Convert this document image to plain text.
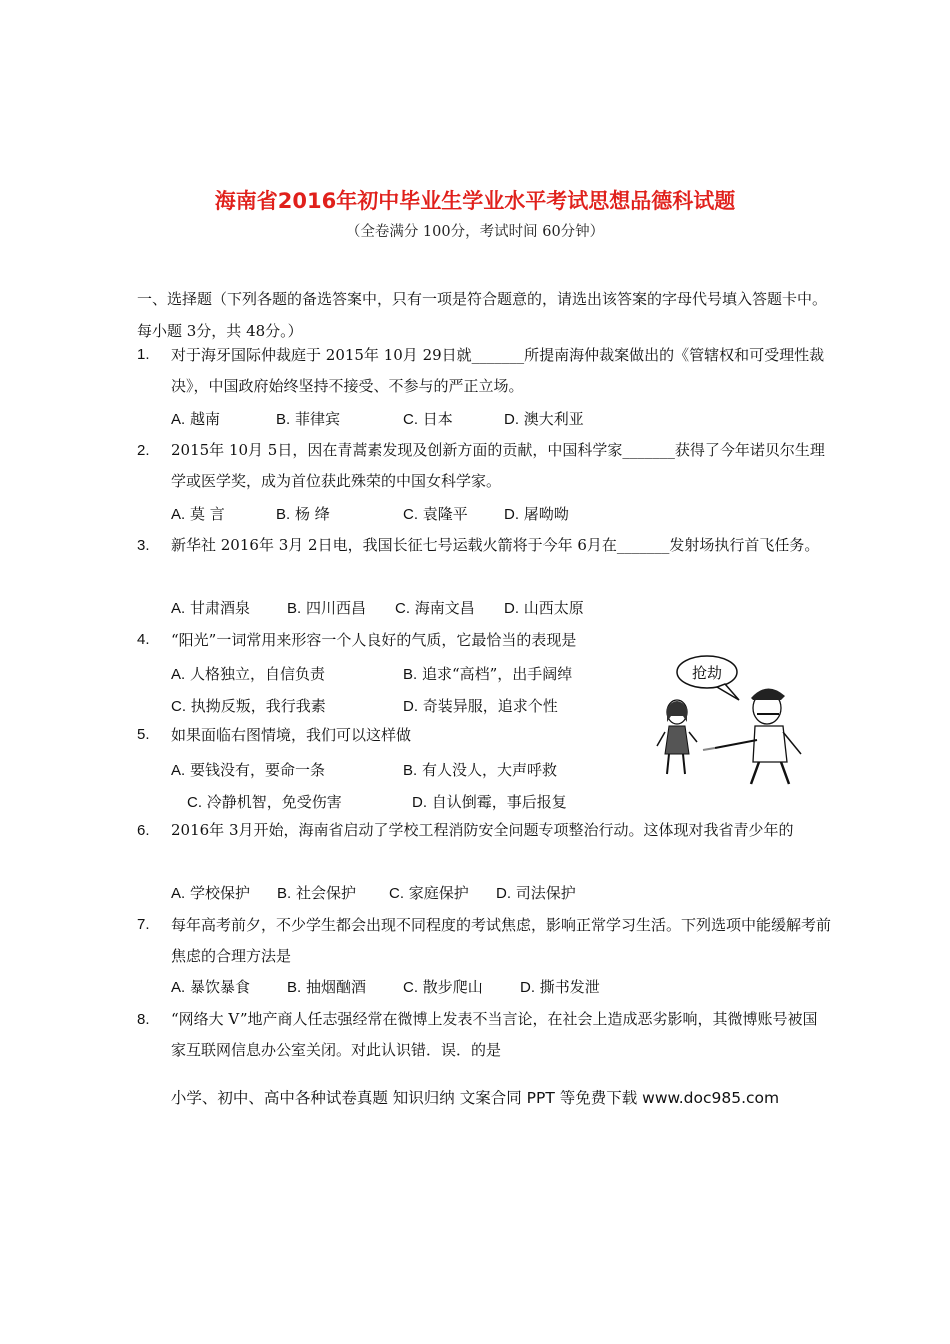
海南省2016年初中毕业生学业水平考试思想品德科试题
（全卷满分 100分，考试时间 60分钟）
一、选择题（下列各题的备选答案中，只有一项是符合题意的，请选出该答案的字母代号填入答题卡中。每小题 3分，共 48分。）
1. 对于海牙国际仲裁庭于 2015年 10月 29日就_______所提南海仲裁案做出的《管辖权和可受理性裁决》，中国政府始终坚持不接受、不参与的严正立场。
A. 越南	B. 菲律宾	C. 日本	D. 澳大利亚
2. 2015年 10月 5日，因在青蒿素发现及创新方面的贡献，中国科学家_______获得了今年诺贝尔生理学或医学奖，成为首位获此殊荣的中国女科学家。
A. 莫 言	B. 杨 绛	C. 袁隆平 D. 屠呦呦
3. 新华社 2016年 3月 2日电，我国长征七号运载火箭将于今年 6月在_______发射场执行首飞任务。
A. 甘肃酒泉 B. 四川西昌 C. 海南文昌 D. 山西太原
4. “阳光”一词常用来形容一个人良好的气质，它最恰当的表现是
A. 人格独立，自信负责	B. 追求“高档”，出手阔绰
C. 执拗反叛，我行我素	D. 奇装异服，追求个性
5. 如果面临右图情境，我们可以这样做
A. 要钱没有，要命一条	B. 有人没人，大声呼救
C. 冷静机智，免受伤害	D. 自认倒霉，事后报复
6. 2016年 3月开始，海南省启动了学校工程消防安全问题专项整治行动。这体现对我省青少年的
A. 学校保护 B. 社会保护 C. 家庭保护 D. 司法保护
7. 每年高考前夕，不少学生都会出现不同程度的考试焦虑，影响正常学习生活。下列选项中能缓解考前焦虑的合理方法是
A. 暴饮暴食 B. 抽烟酗酒 C. 散步爬山 D. 撕书发泄
8. “网络大 V”地产商人任志强经常在微博上发表不当言论，在社会上造成恶劣影响，其微博账号被国家互联网信息办公室关闭。对此认识错．误．的是
抢劫
小学、初中、高中各种试卷真题 知识归纳 文案合同 PPT 等免费下载 www.doc985.com
